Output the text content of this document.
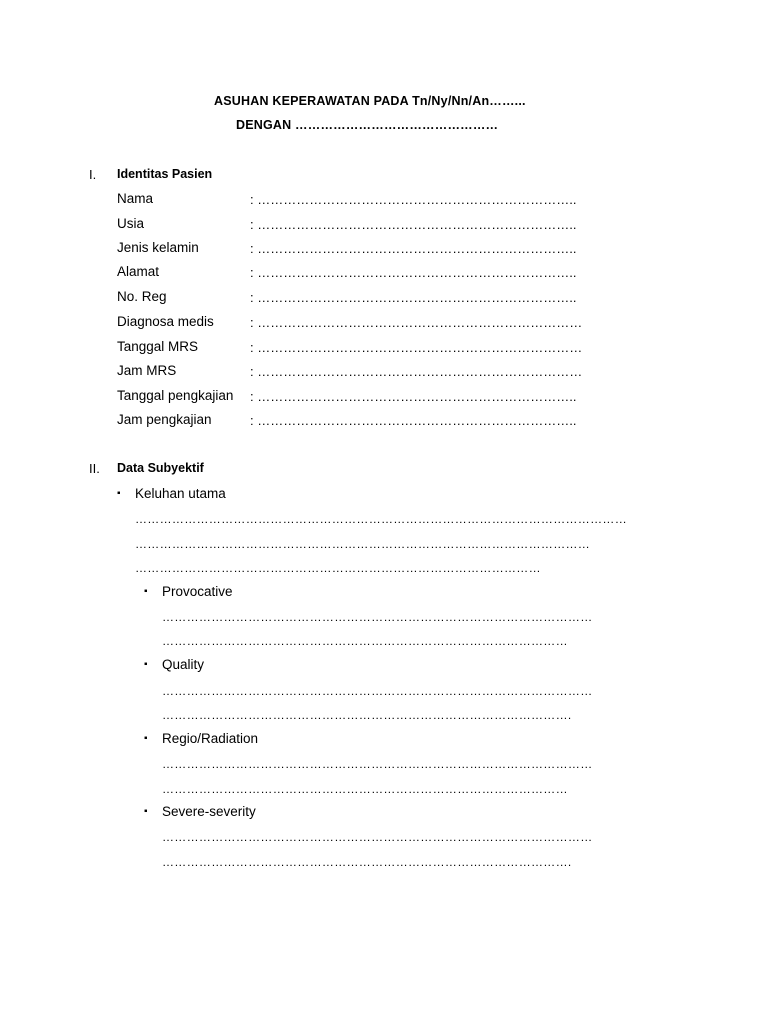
ASUHAN KEPERAWATAN PADA Tn/Ny/Nn/An……...
DENGAN …………………………………………
I. Identitas Pasien
Nama	: ………………………………………………………………..
Usia	: ………………………………………………………………..
Jenis kelamin	: ………………………………………………………………..
Alamat	: ………………………………………………………………..
No. Reg	: ………………………………………………………………..
Diagnosa medis	: …………………………………………………………………
Tanggal MRS	: …………………………………………………………………
Jam MRS	: …………………………………………………………………
Tanggal pengkajian : ………………………………………………………………..
Jam pengkajian	: ………………………………………………………………..
II. Data Subyektif
▪ Keluhan utama
…………………………………………………………………………………………………………
…………………………………………………………………………………………………
………………………………………………………………………………………
▪ Provocative
……………………………………………………………………………………………
………………………………………………………………………………………
▪ Quality
……………………………………………………………………………………………
……………………………………………………………………………………….
▪ Regio/Radiation
……………………………………………………………………………………………
………………………………………………………………………………………
▪ Severe-severity
……………………………………………………………………………………………
……………………………………………………………………………………….
